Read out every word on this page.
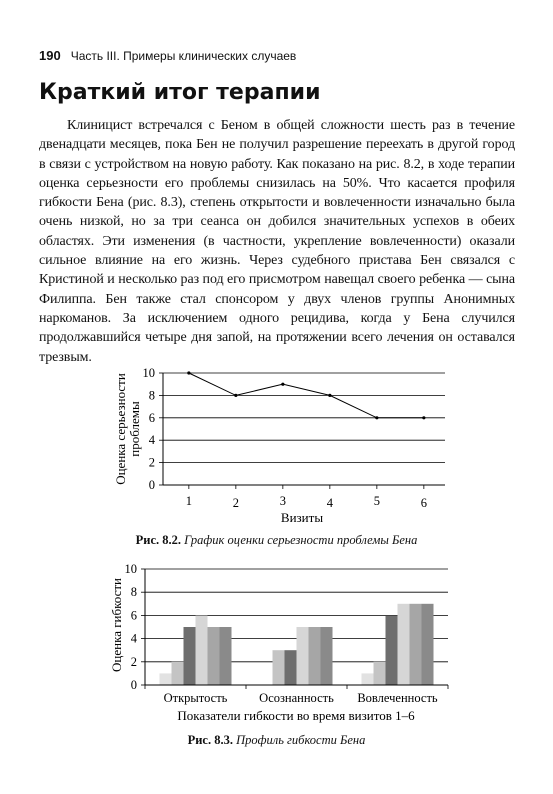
190 Часть III. Примеры клинических случаев
Краткий итог терапии

Клиницист встречался с Беном в общей сложности шесть раз в течение двенадцати месяцев, пока Бен не получил разрешение переехать в другой город в связи с устройством на новую работу. Как показано на рис. 8.2, в ходе терапии оценка серьезности его проблемы снизилась на 50%. Что касается профиля гибкости Бена (рис. 8.3), степень открытости и вовлеченности изначально была очень низкой, но за три сеанса он добился значительных успехов в обеих областях. Эти изменения (в частности, укрепление вовлеченности) оказали сильное влияние на его жизнь. Через судебного пристава Бен связался с Кристиной и несколько раз под его присмотром навещал своего ребенка — сына Филиппа. Бен также стал спонсором у двух членов группы Анонимных наркоманов. За исключением одного рецидива, когда у Бена случился продолжавшийся четыре дня запой, на протяжении всего лечения он оставался трезвым.

0
2
4
6
8
10
1	2	3	4	5	6
Оценка серьезности проблемы
Визиты
Рис. 8.2. График оценки серьезности проблемы Бена
0
2
4
6
8
10
Открытость	Осознанность Вовлеченность
Оценка гибкости
Показатели гибкости во время визитов 1–6
Рис. 8.3. Профиль гибкости Бена
